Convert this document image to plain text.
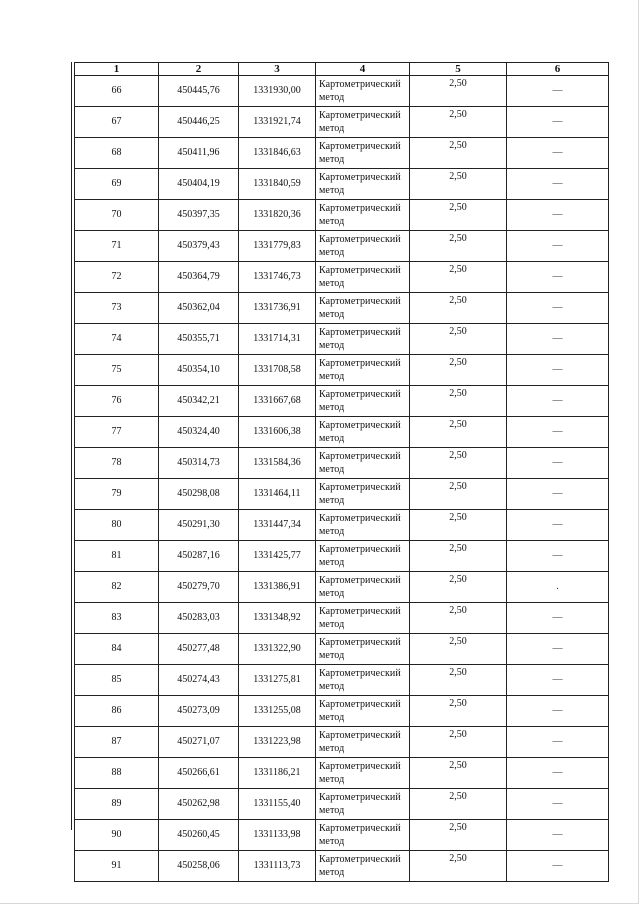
1	2	3	4	5	6
66	450445,76	1331930,00	Картометрический метод	2,50	—
67	450446,25	1331921,74	Картометрический метод	2,50	—
68	450411,96	1331846,63	Картометрический метод	2,50	—
69	450404,19	1331840,59	Картометрический метод	2,50	—
70	450397,35	1331820,36	Картометрический метод	2,50	—
71	450379,43	1331779,83	Картометрический метод	2,50	—
72	450364,79	1331746,73	Картометрический метод	2,50	—
73	450362,04	1331736,91	Картометрический метод	2,50	—
74	450355,71	1331714,31	Картометрический метод	2,50	—
75	450354,10	1331708,58	Картометрический метод	2,50	—
76	450342,21	1331667,68	Картометрический метод	2,50	—
77	450324,40	1331606,38	Картометрический метод	2,50	—
78	450314,73	1331584,36	Картометрический метод	2,50	—
79	450298,08	1331464,11	Картометрический метод	2,50	—
80	450291,30	1331447,34	Картометрический метод	2,50	—
81	450287,16	1331425,77	Картометрический метод	2,50	—
82	450279,70	1331386,91	Картометрический метод	2,50	.
83	450283,03	1331348,92	Картометрический метод	2,50	—
84	450277,48	1331322,90	Картометрический метод	2,50	—
85	450274,43	1331275,81	Картометрический метод	2,50	—
86	450273,09	1331255,08	Картометрический метод	2,50	—
87	450271,07	1331223,98	Картометрический метод	2,50	—
88	450266,61	1331186,21	Картометрический метод	2,50	—
89	450262,98	1331155,40	Картометрический метод	2,50	—
90	450260,45	1331133,98	Картометрический метод	2,50	—
91	450258,06	1331113,73	Картометрический метод	2,50	—
